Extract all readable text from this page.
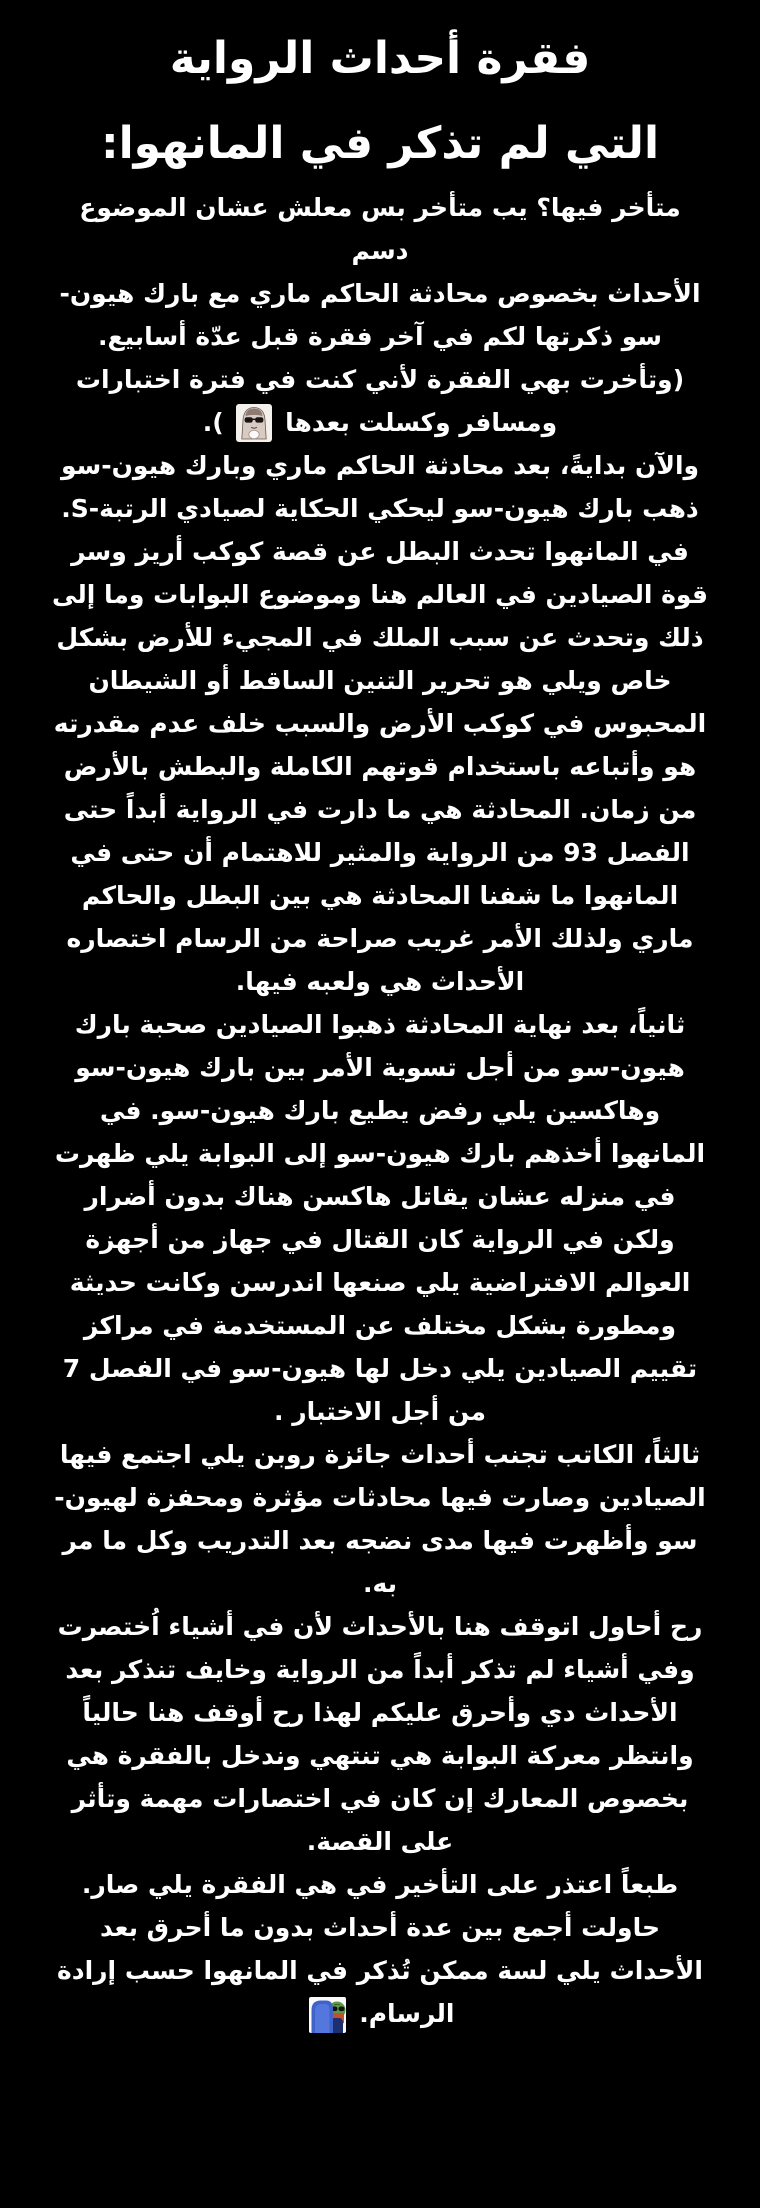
فقرة أحداث الرواية
التي لم تذكر في المانهوا:

متأخر فيها؟ يب متأخر بس معلش عشان الموضوع دسم

الأحداث بخصوص محادثة الحاكم ماري مع بارك هيون-سو ذكرتها لكم في آخر فقرة قبل عدّة أسابيع. (وتأخرت بهي الفقرة لأني كنت في فترة اختبارات ومسافر وكسلت بعدها
).

والآن بدايةً، بعد محادثة الحاكم ماري وبارك هيون-سو ذهب بارك هيون-سو ليحكي الحكاية لصيادي الرتبة-S. في المانهوا تحدث البطل عن قصة كوكب أريز وسر قوة الصيادين في العالم هنا وموضوع البوابات وما إلى ذلك وتحدث عن سبب الملك في المجيء للأرض بشكل خاص ويلي هو تحرير التنين الساقط أو الشيطان المحبوس في كوكب الأرض والسبب خلف عدم مقدرته هو وأتباعه باستخدام قوتهم الكاملة والبطش بالأرض من زمان. المحادثة هي ما دارت في الرواية أبداً حتى الفصل 93 من الرواية والمثير للاهتمام أن حتى في المانهوا ما شفنا المحادثة هي بين البطل والحاكم ماري ولذلك الأمر غريب صراحة من الرسام اختصاره الأحداث هي ولعبه فيها.

ثانياً، بعد نهاية المحادثة ذهبوا الصيادين صحبة بارك هيون-سو من أجل تسوية الأمر بين بارك هيون-سو وهاكسين يلي رفض يطيع بارك هيون-سو. في المانهوا أخذهم بارك هيون-سو إلى البوابة يلي ظهرت في منزله عشان يقاتل هاكسن هناك بدون أضرار ولكن في الرواية كان القتال في جهاز من أجهزة العوالم الافتراضية يلي صنعها اندرسن وكانت حديثة ومطورة بشكل مختلف عن المستخدمة في مراكز تقييم الصيادين يلي دخل لها هيون-سو في الفصل 7 من أجل الاختبار .

ثالثاً، الكاتب تجنب أحداث جائزة روبن يلي اجتمع فيها الصيادين وصارت فيها محادثات مؤثرة ومحفزة لهيون-سو وأظهرت فيها مدى نضجه بعد التدريب وكل ما مر به.

رح أحاول اتوقف هنا بالأحداث لأن في أشياء اُختصرت وفي أشياء لم تذكر أبداً من الرواية وخايف تنذكر بعد الأحداث دي وأحرق عليكم لهذا رح أوقف هنا حالياً وانتظر معركة البوابة هي تنتهي وندخل بالفقرة هي بخصوص المعارك إن كان في اختصارات مهمة وتأثر على القصة.

طبعاً اعتذر على التأخير في هي الفقرة يلي صار. حاولت أجمع بين عدة أحداث بدون ما أحرق بعد الأحداث يلي لسة ممكن تُذكر في المانهوا حسب إرادة الرسام.
